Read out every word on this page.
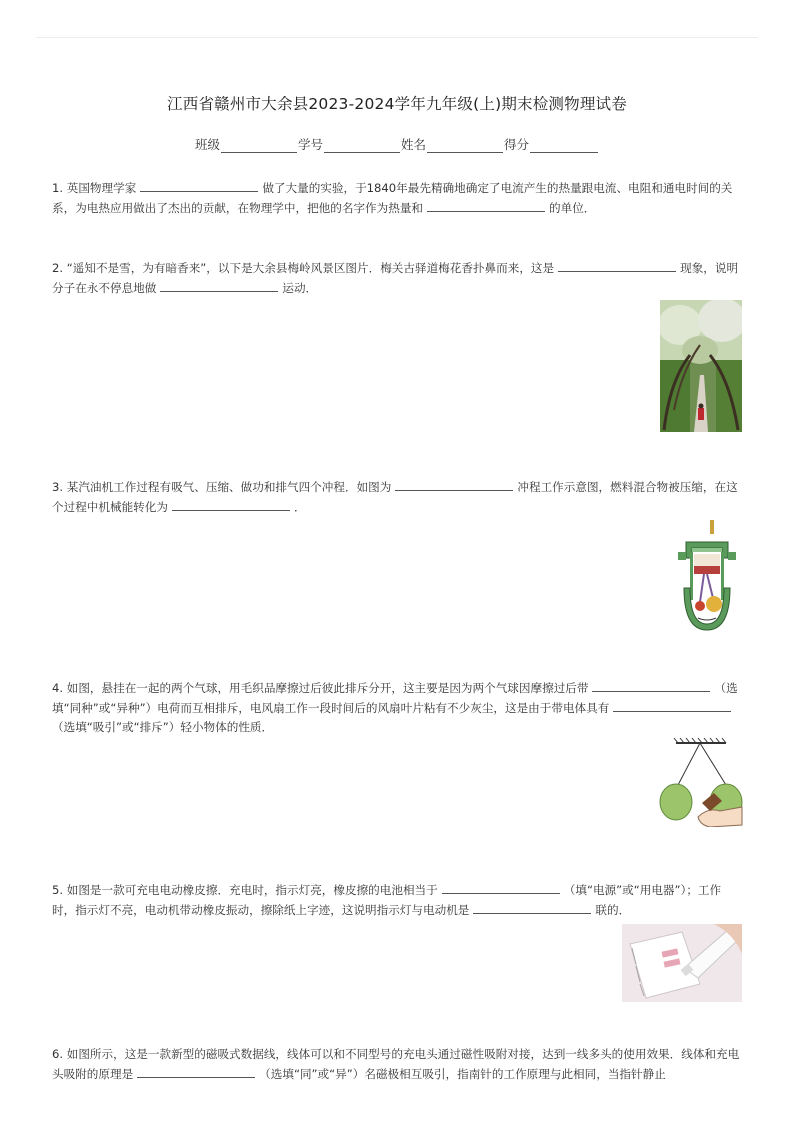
江西省赣州市大余县2023-2024学年九年级(上)期末检测物理试卷
班级	学号	姓名	得分
1. 英国物理学家	做了大量的实验，于1840年最先精确地确定了电流产生的热量跟电流、电阻和通电时间的关系，为电热应用做出了杰出的贡献，在物理学中，把他的名字作为热量和	的单位．
2. “遥知不是雪，为有暗香来”，以下是大余县梅岭风景区图片．梅关古驿道梅花香扑鼻而来，这是	现象，说明分子在永不停息地做	运动．
3. 某汽油机工作过程有吸气、压缩、做功和排气四个冲程．如图为	冲程工作示意图，燃料混合物被压缩，在这个过程中机械能转化为	．
4. 如图，悬挂在一起的两个气球，用毛织品摩擦过后彼此排斥分开，这主要是因为两个气球因摩擦过后带	（选填“同种”或“异种”）电荷而互相排斥，电风扇工作一段时间后的风扇叶片粘有不少灰尘，这是由于带电体具有（选填“吸引”或“排斥”）轻小物体的性质．
5. 如图是一款可充电电动橡皮擦．充电时，指示灯亮，橡皮擦的电池相当于	（填“电源”或“用电器”）；工作时，指示灯不亮，电动机带动橡皮振动，擦除纸上字迹，这说明指示灯与电动机是	联的．
6. 如图所示，这是一款新型的磁吸式数据线，线体可以和不同型号的充电头通过磁性吸附对接，达到一线多头的使用效果．线体和充电头吸附的原理是	（选填“同”或“异”）名磁极相互吸引，指南针的工作原理与此相同，当指针静止
